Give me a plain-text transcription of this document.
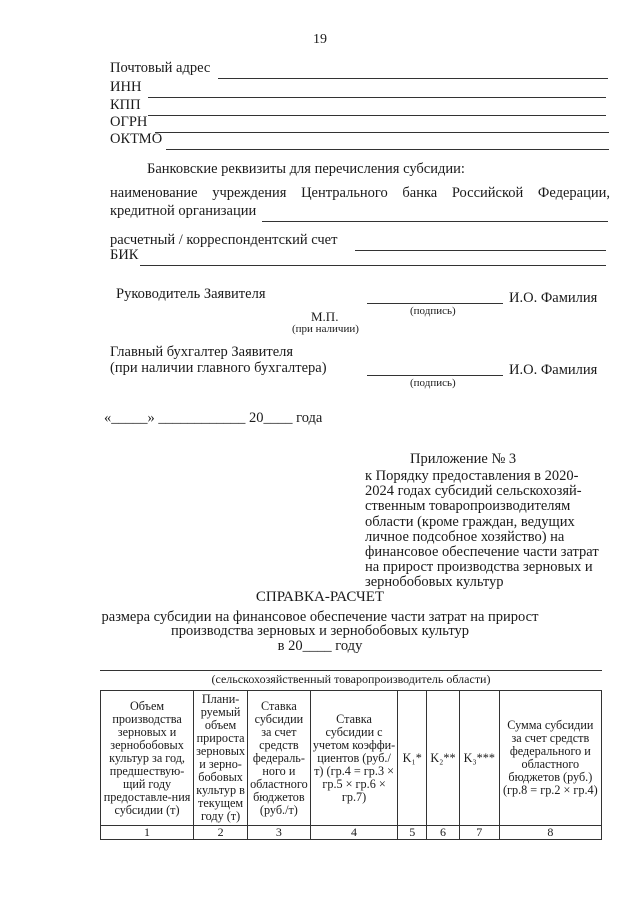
19
Почтовый адрес
ИНН
КПП
ОГРН
ОКТМО
Банковские реквизиты для перечисления субсидии:
наименование учреждения Центрального банка Российской Федерации,
кредитной организации
расчетный / корреспондентский счет
БИК
Руководитель Заявителя
(подпись)
И.О. Фамилия
М.П.
(при наличии)
Главный бухгалтер Заявителя
(при наличии главного бухгалтера)
(подпись)
И.О. Фамилия
«_____» ____________ 20____ года
Приложение № 3
к Порядку предоставления в 2020-2024 годах субсидий сельскохозяй-ственным товаропроизводителям области (кроме граждан, ведущих личное подсобное хозяйство) на финансовое обеспечение части затрат на прирост производства зерновых и зернобобовых культур
СПРАВКА-РАСЧЕТ
размера субсидии на финансовое обеспечение части затрат на прирост
производства зерновых и зернобобовых культур
в 20____ году
(сельскохозяйственный товаропроизводитель области)
Объем производства зерновых и зернобобовых культур за год, предшествую-щий году предоставле-ния субсидии (т)	Плани-руемый объем прироста зерновых и зерно-бобовых культур в текущем году (т)	Ставка субсидии за счет средств федераль-ного и областного бюджетов (руб./т)	Ставка субсидии с учетом коэффи-циентов (руб./т) (гр.4 = гр.3 × гр.5 × гр.6 × гр.7)	K₁*	K₂**	K₃***	Сумма субсидии за счет средств федерального и областного бюджетов (руб.) (гр.8 = гр.2 × гр.4)
1	2	3	4	5	6	7	8
